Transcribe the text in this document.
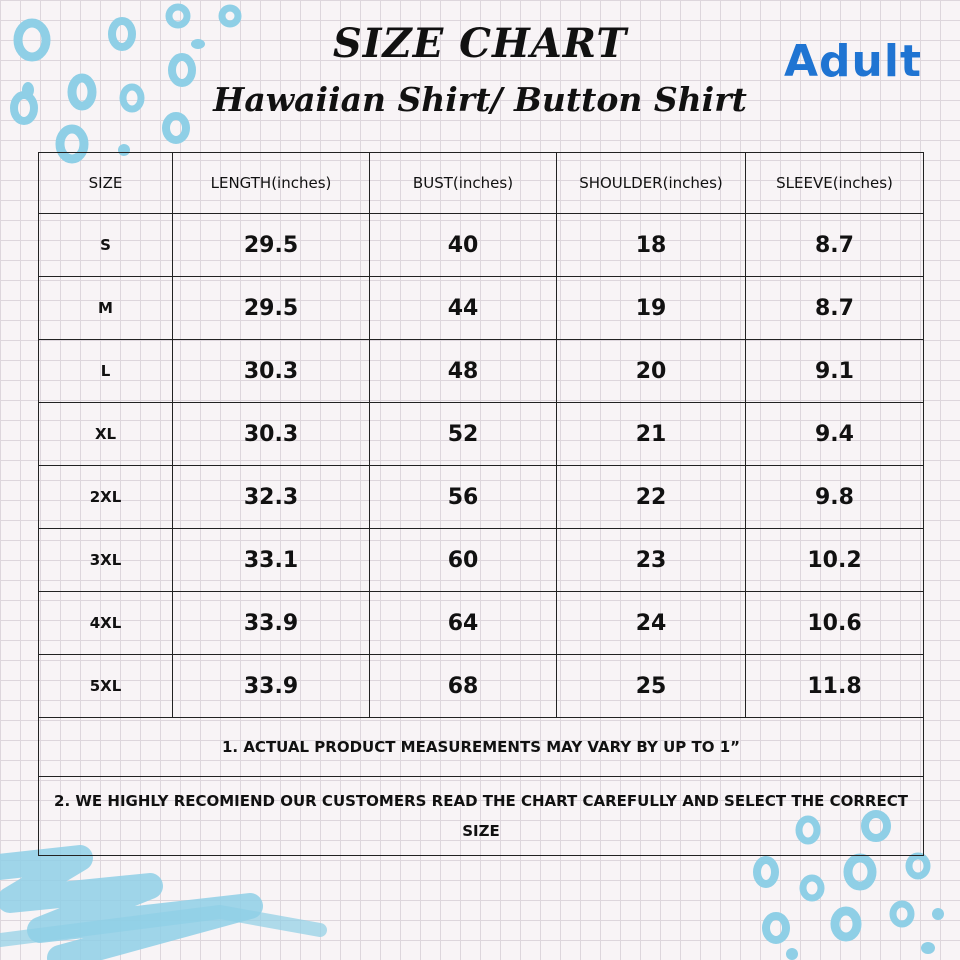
SIZE CHART
Hawaiian Shirt/ Button Shirt
Adult
SIZE	LENGTH(inches)	BUST(inches)	SHOULDER(inches)	SLEEVE(inches)
S	29.5	40	18	8.7
M	29.5	44	19	8.7
L	30.3	48	20	9.1
XL	30.3	52	21	9.4
2XL	32.3	56	22	9.8
3XL	33.1	60	23	10.2
4XL	33.9	64	24	10.6
5XL	33.9	68	25	11.8
1. ACTUAL PRODUCT MEASUREMENTS MAY VARY BY UP TO 1”				
2. WE HIGHLY RECOMIEND OUR CUSTOMERS READ THE CHART CAREFULLY AND SELECT THE CORRECT SIZE				
